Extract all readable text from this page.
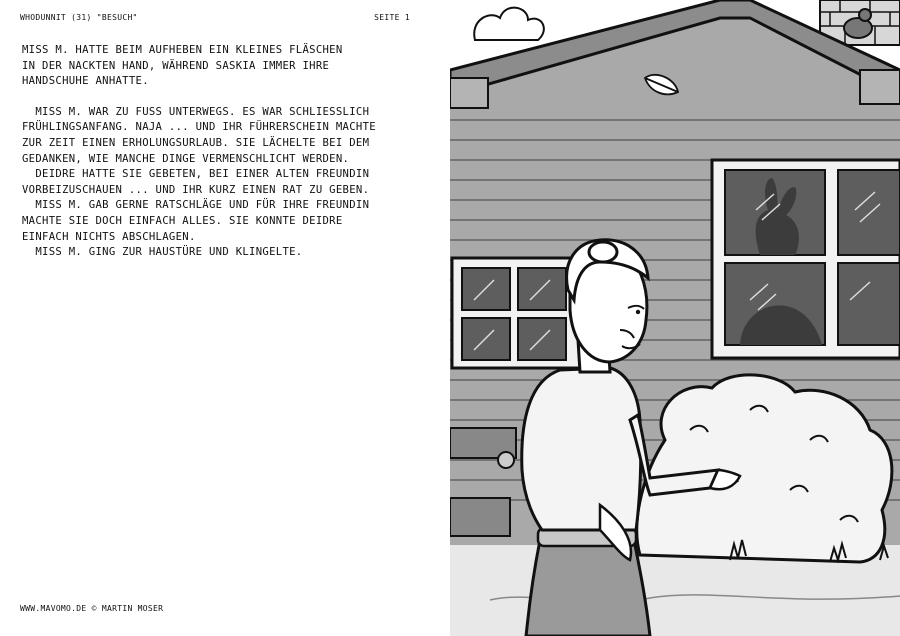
WHODUNNIT (31) "BESUCH"	SEITE 1

MISS M. HATTE BEIM AUFHEBEN EIN KLEINES FLÄSCHEN

IN DER NACKTEN HAND, WÄHREND SASKIA IMMER IHRE

HANDSCHUHE ANHATTE.

MISS M. WAR ZU FUSS UNTERWEGS. ES WAR SCHLIESSLICH

FRÜHLINGSANFANG. NAJA ... UND IHR FÜHRERSCHEIN MACHTE

ZUR ZEIT EINEN ERHOLUNGSURLAUB. SIE LÄCHELTE BEI DEM

GEDANKEN, WIE MANCHE DINGE VERMENSCHLICHT WERDEN.

DEIDRE HATTE SIE GEBETEN, BEI EINER ALTEN FREUNDIN

VORBEIZUSCHAUEN ... UND IHR KURZ EINEN RAT ZU GEBEN.

MISS M. GAB GERNE RATSCHLÄGE UND FÜR IHRE FREUNDIN

MACHTE SIE DOCH EINFACH ALLES. SIE KONNTE DEIDRE

EINFACH NICHTS ABSCHLAGEN.

MISS M. GING ZUR HAUSTÜRE UND KLINGELTE.

WWW.MAVOMO.DE © MARTIN MOSER
